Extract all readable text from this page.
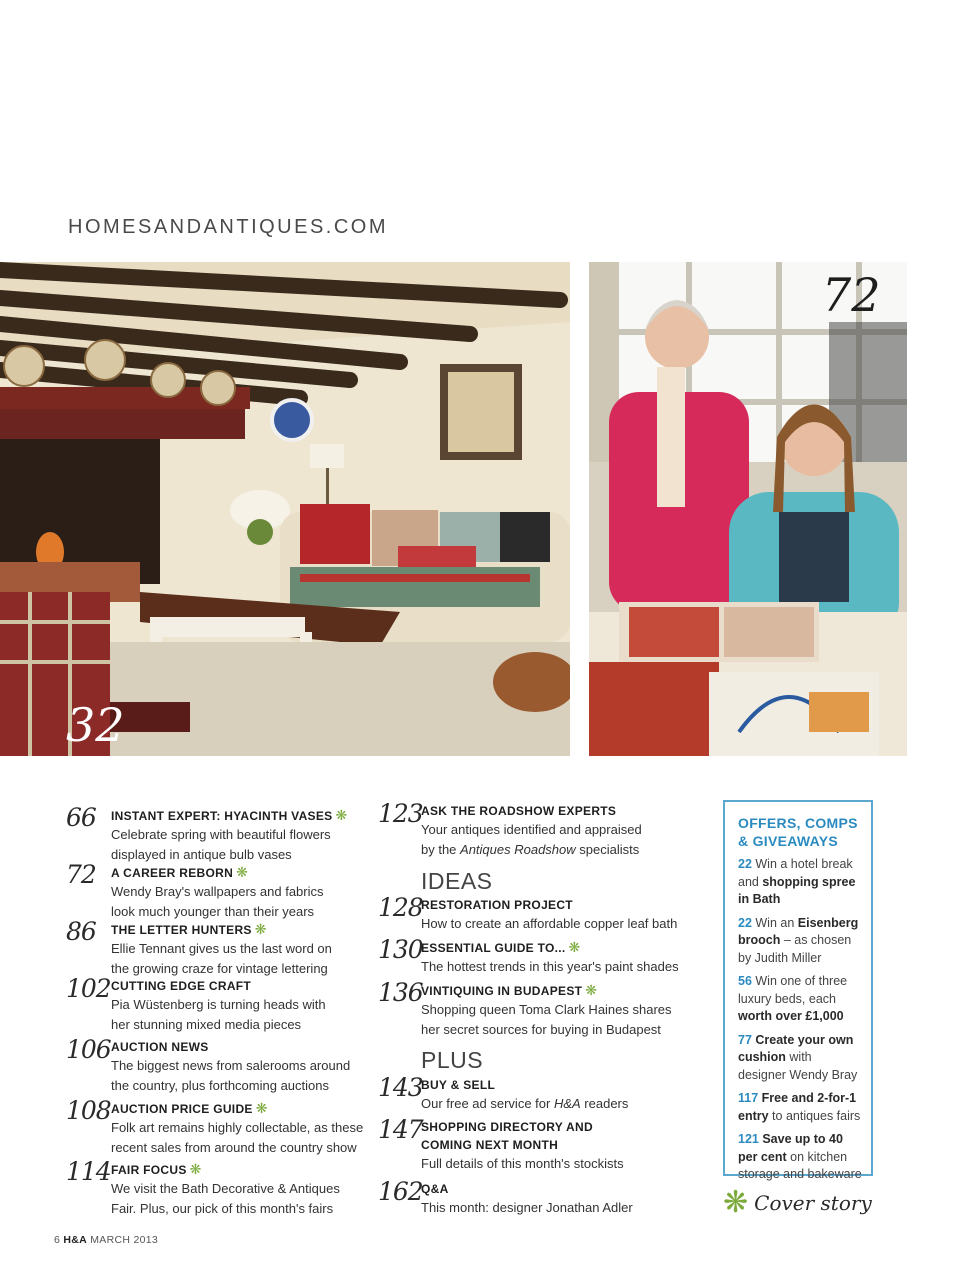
HOMESANDANTIQUES.COM
32
72
66 INSTANT EXPERT: HYACINTH VASES ❋
Celebrate spring with beautiful flowers
displayed in antique bulb vases
72 A CAREER REBORN ❋
Wendy Bray's wallpapers and fabrics
look much younger than their years
86 THE LETTER HUNTERS ❋
Ellie Tennant gives us the last word on
the growing craze for vintage lettering
102 CUTTING EDGE CRAFT
Pia Wüstenberg is turning heads with
her stunning mixed media pieces
106 AUCTION NEWS
The biggest news from salerooms around
the country, plus forthcoming auctions
108 AUCTION PRICE GUIDE ❋
Folk art remains highly collectable, as these
recent sales from around the country show
114 FAIR FOCUS ❋
We visit the Bath Decorative & Antiques
Fair. Plus, our pick of this month's fairs
123
ASK THE ROADSHOW EXPERTS
Your antiques identified and appraised
by the Antiques Roadshow specialists
IDEAS
128
RESTORATION PROJECT
How to create an affordable copper leaf bath
130
ESSENTIAL GUIDE TO... ❋
The hottest trends in this year's paint shades
136
VINTIQUING IN BUDAPEST ❋
Shopping queen Toma Clark Haines shares
her secret sources for buying in Budapest
PLUS
143
BUY & SELL
Our free ad service for H&A readers
147
SHOPPING DIRECTORY AND
COMING NEXT MONTH
Full details of this month's stockists
162
Q&A
This month: designer Jonathan Adler
OFFERS, COMPS
& GIVEAWAYS
22 Win a hotel break and shopping spree in Bath
22 Win an Eisenberg brooch – as chosen by Judith Miller
56 Win one of three luxury beds, each worth over £1,000
77 Create your own cushion with designer Wendy Bray
117 Free and 2-for-1 entry to antiques fairs
121 Save up to 40 per cent on kitchen storage and bakeware
❋ Cover story
6 H&A MARCH 2013
